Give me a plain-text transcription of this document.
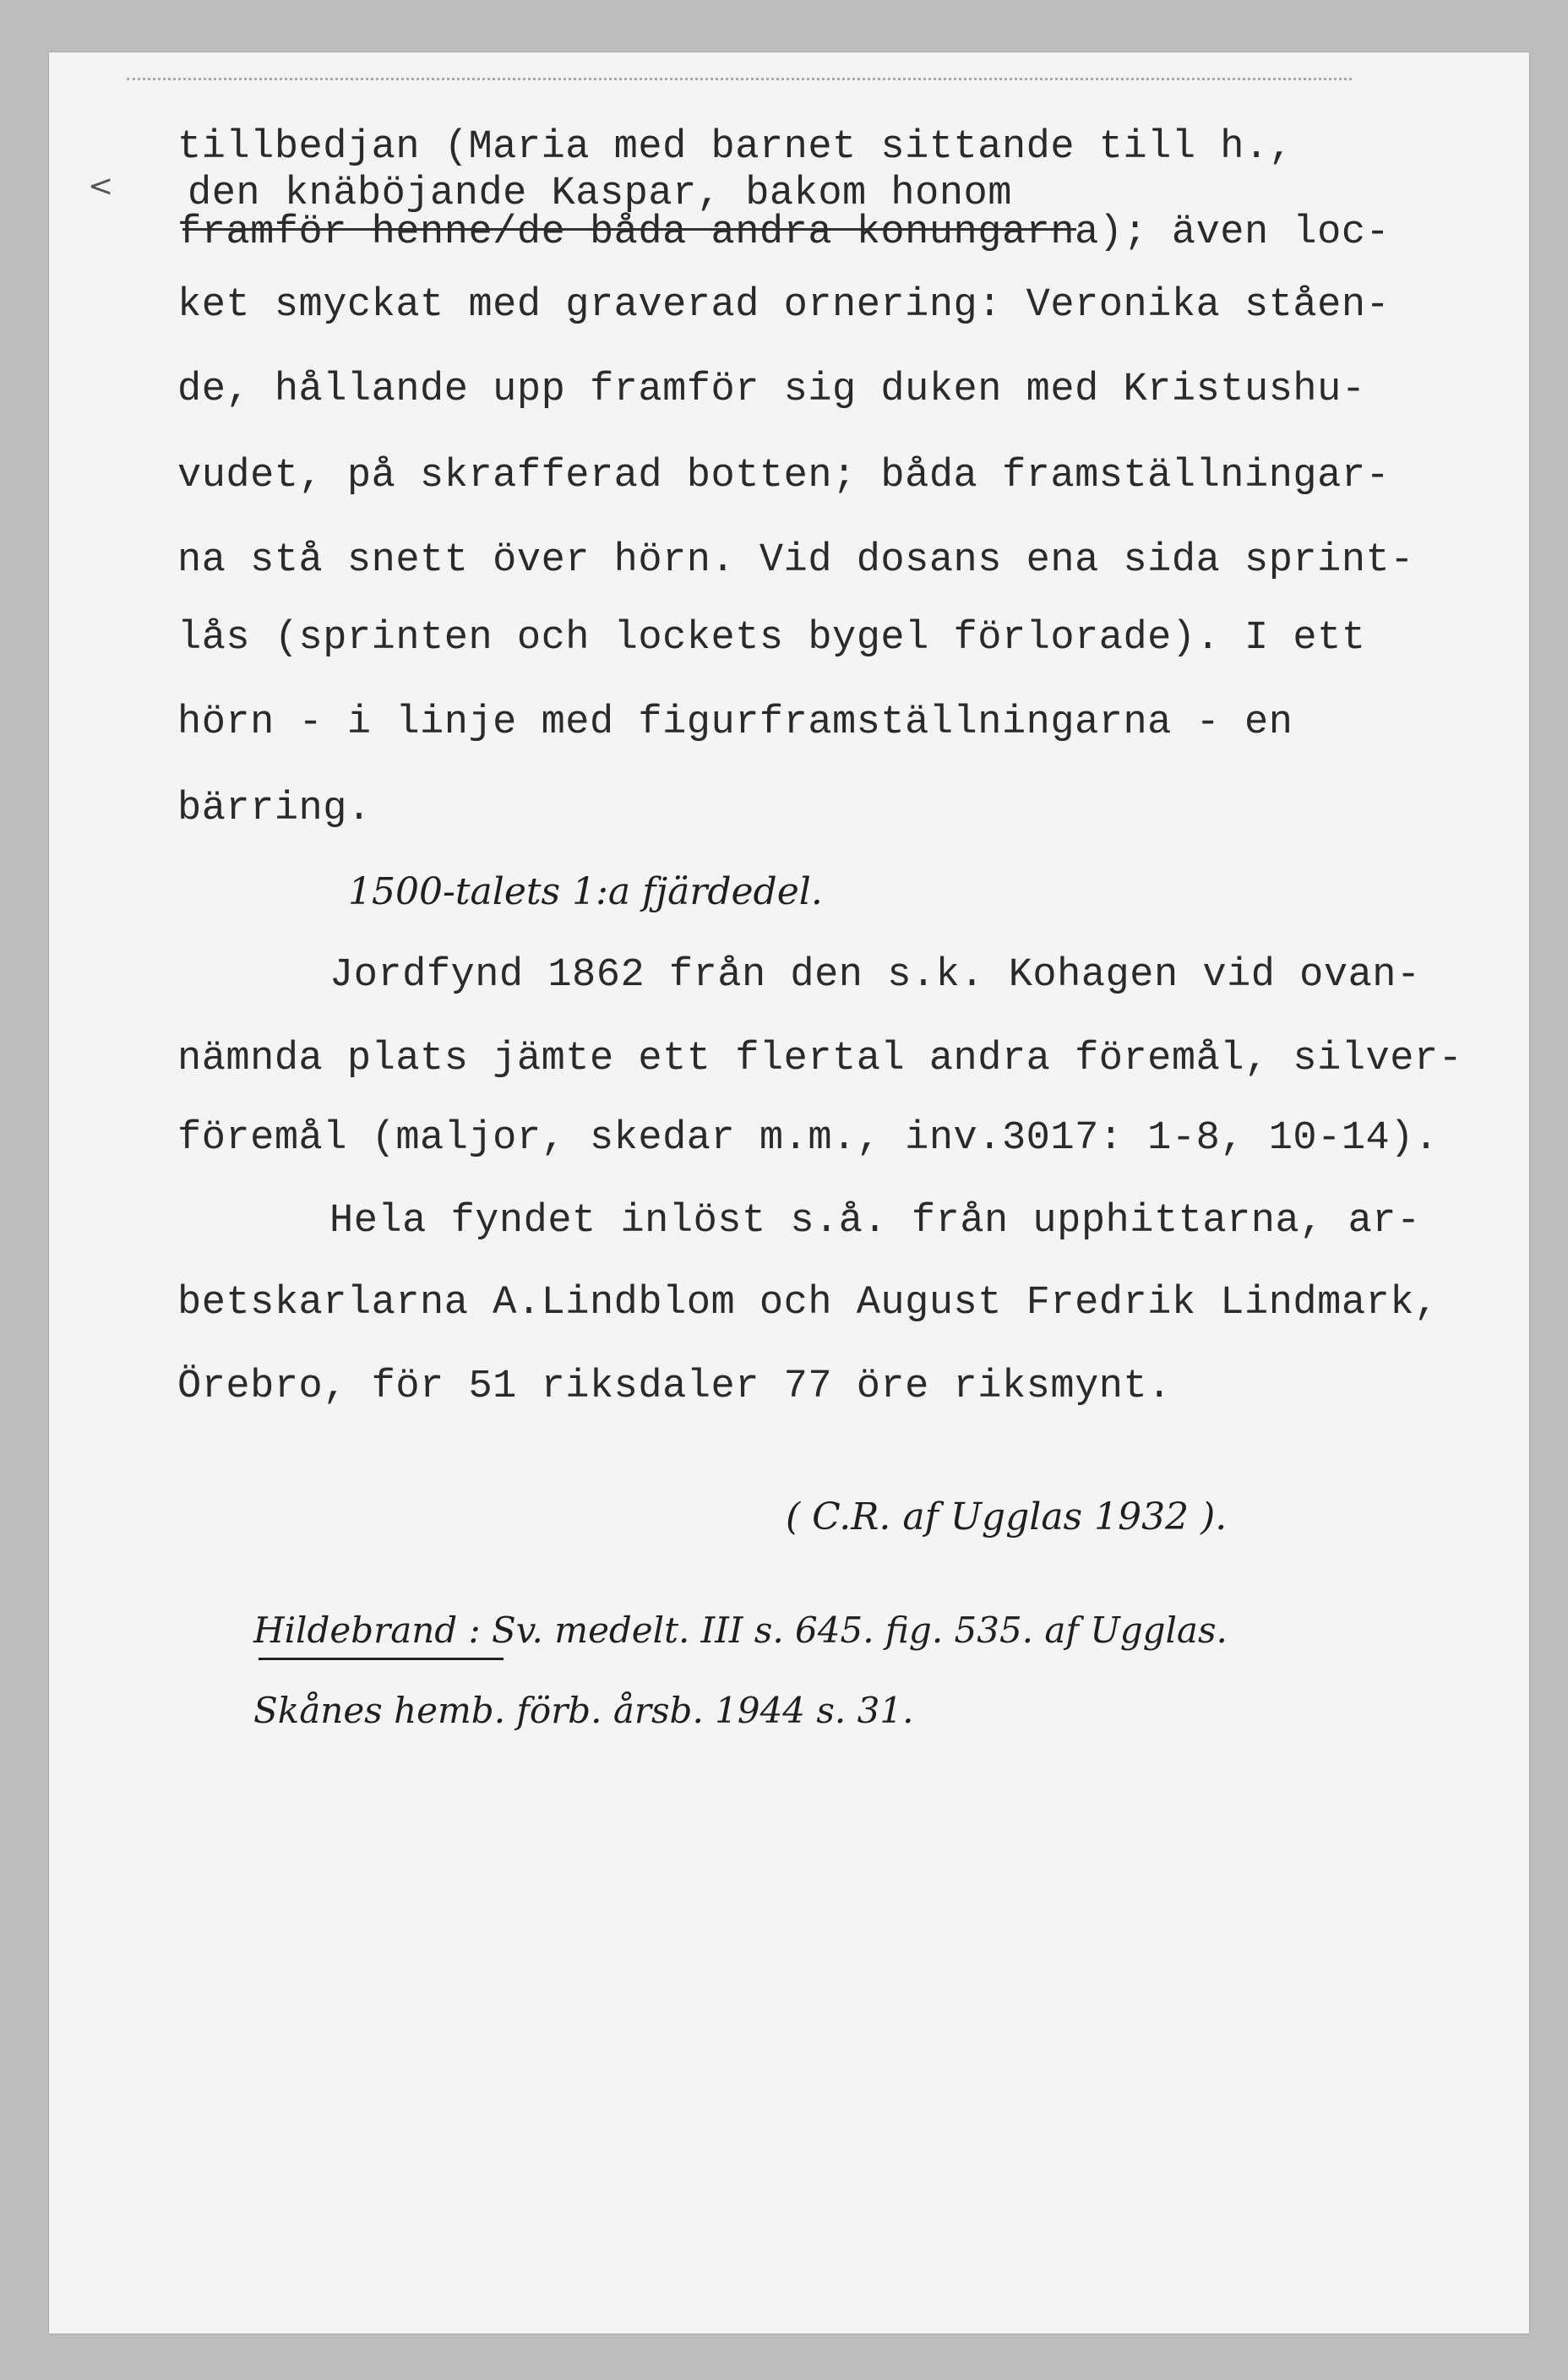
<
tillbedjan (Maria med barnet sittande till h.,
den knäböjande Kaspar, bakom honom
framför henne/de båda andra konungarna); även loc-
ket smyckat med graverad ornering: Veronika ståen-
de, hållande upp framför sig duken med Kristushu-
vudet, på skrafferad botten; båda framställningar-
na stå snett över hörn. Vid dosans ena sida sprint-
lås (sprinten och lockets bygel förlorade). I ett
hörn - i linje med figurframställningarna - en
bärring.
1500-talets 1:a fjärdedel.
Jordfynd 1862 från den s.k. Kohagen vid ovan-
nämnda plats jämte ett flertal andra föremål, silver-
föremål (maljor, skedar m.m., inv.3017: 1-8, 10-14).
Hela fyndet inlöst s.å. från upphittarna, ar-
betskarlarna A.Lindblom och August Fredrik Lindmark,
Örebro, för 51 riksdaler 77 öre riksmynt.
( C.R. af Ugglas 1932 ).
Hildebrand : Sv. medelt. III s. 645. fig. 535. af Ugglas.
Skånes hemb. förb. årsb. 1944 s. 31.
